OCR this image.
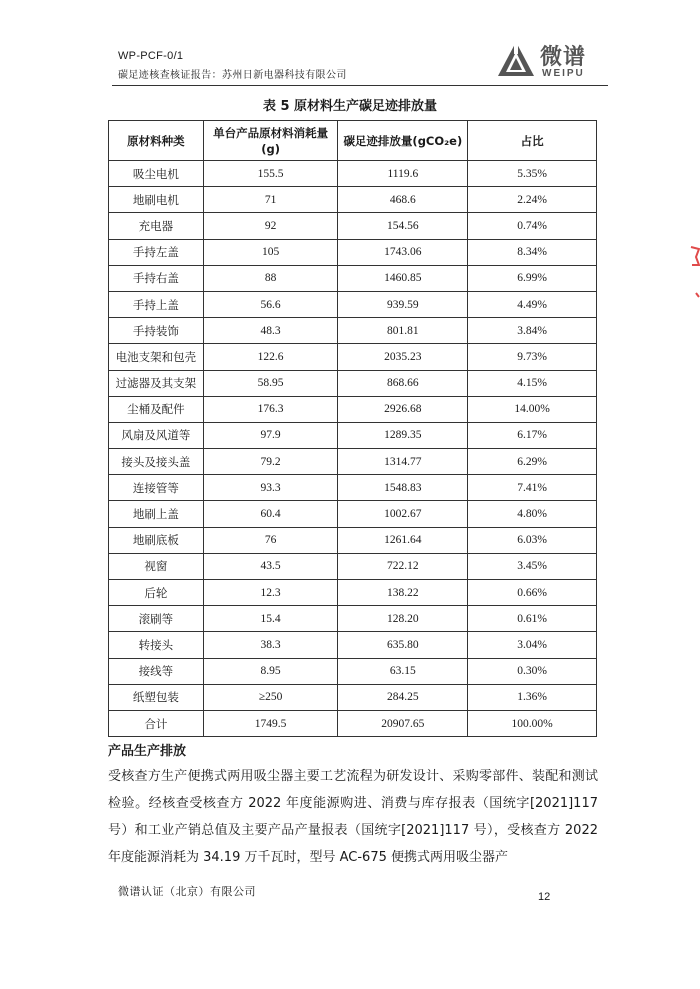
WP-PCF-0/1
碳足迹核查核证报告：苏州日新电器科技有限公司
微谱
WEIPU
表 5 原材料生产碳足迹排放量
原材料种类	单台产品原材料消耗量(g)	碳足迹排放量(gCO₂e)	占比
吸尘电机	155.5	1119.6	5.35%
地刷电机	71	468.6	2.24%
充电器	92	154.56	0.74%
手持左盖	105	1743.06	8.34%
手持右盖	88	1460.85	6.99%
手持上盖	56.6	939.59	4.49%
手持装饰	48.3	801.81	3.84%
电池支架和包壳	122.6	2035.23	9.73%
过滤器及其支架	58.95	868.66	4.15%
尘桶及配件	176.3	2926.68	14.00%
风扇及风道等	97.9	1289.35	6.17%
接头及接头盖	79.2	1314.77	6.29%
连接管等	93.3	1548.83	7.41%
地刷上盖	60.4	1002.67	4.80%
地刷底板	76	1261.64	6.03%
视窗	43.5	722.12	3.45%
后轮	12.3	138.22	0.66%
滚刷等	15.4	128.20	0.61%
转接头	38.3	635.80	3.04%
接线等	8.95	63.15	0.30%
纸塑包装	≥250	284.25	1.36%
合计	1749.5	20907.65	100.00%
产品生产排放
受核查方生产便携式两用吸尘器主要工艺流程为研发设计、采购零部件、装配和测试检验。经核查受核查方 2022 年度能源购进、消费与库存报表（国统字[2021]117 号）和工业产销总值及主要产品产量报表（国统字[2021]117 号），受核查方 2022 年度能源消耗为 34.19 万千瓦时，型号 AC-675 便携式两用吸尘器产
微谱认证（北京）有限公司	12
